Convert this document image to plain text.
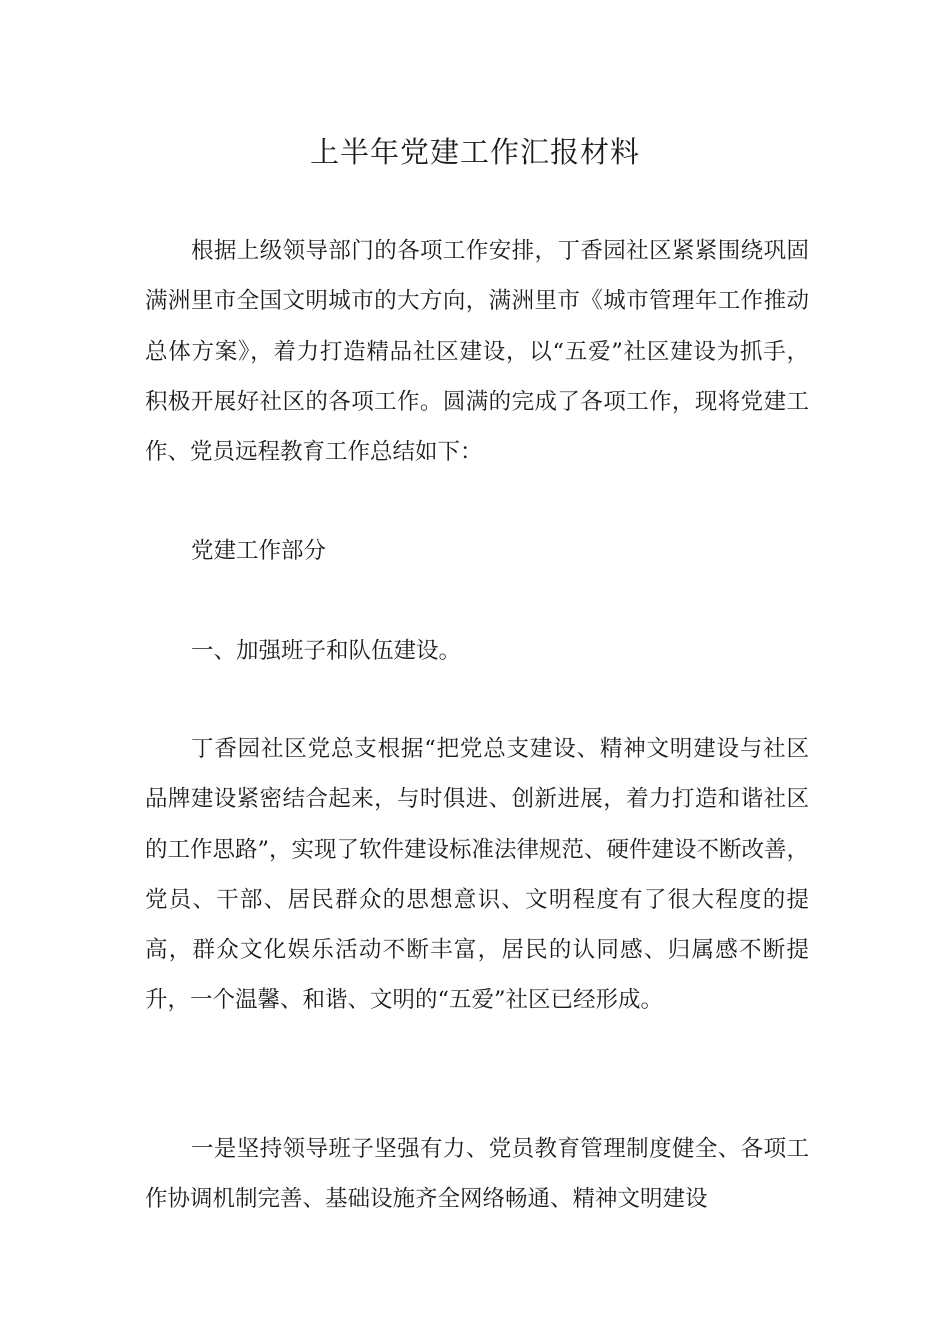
上半年党建工作汇报材料

根据上级领导部门的各项工作安排，丁香园社区紧紧围绕巩固满洲里市全国文明城市的大方向，满洲里市《城市管理年工作推动总体方案》，着力打造精品社区建设，以“五爱”社区建设为抓手，积极开展好社区的各项工作。圆满的完成了各项工作，现将党建工作、党员远程教育工作总结如下：

党建工作部分

一、加强班子和队伍建设。

丁香园社区党总支根据“把党总支建设、精神文明建设与社区品牌建设紧密结合起来，与时俱进、创新进展，着力打造和谐社区的工作思路”，实现了软件建设标准法律规范、硬件建设不断改善，党员、干部、居民群众的思想意识、文明程度有了很大程度的提高，群众文化娱乐活动不断丰富，居民的认同感、归属感不断提升，一个温馨、和谐、文明的“五爱”社区已经形成。

一是坚持领导班子坚强有力、党员教育管理制度健全、各项工作协调机制完善、基础设施齐全网络畅通、精神文明建设
